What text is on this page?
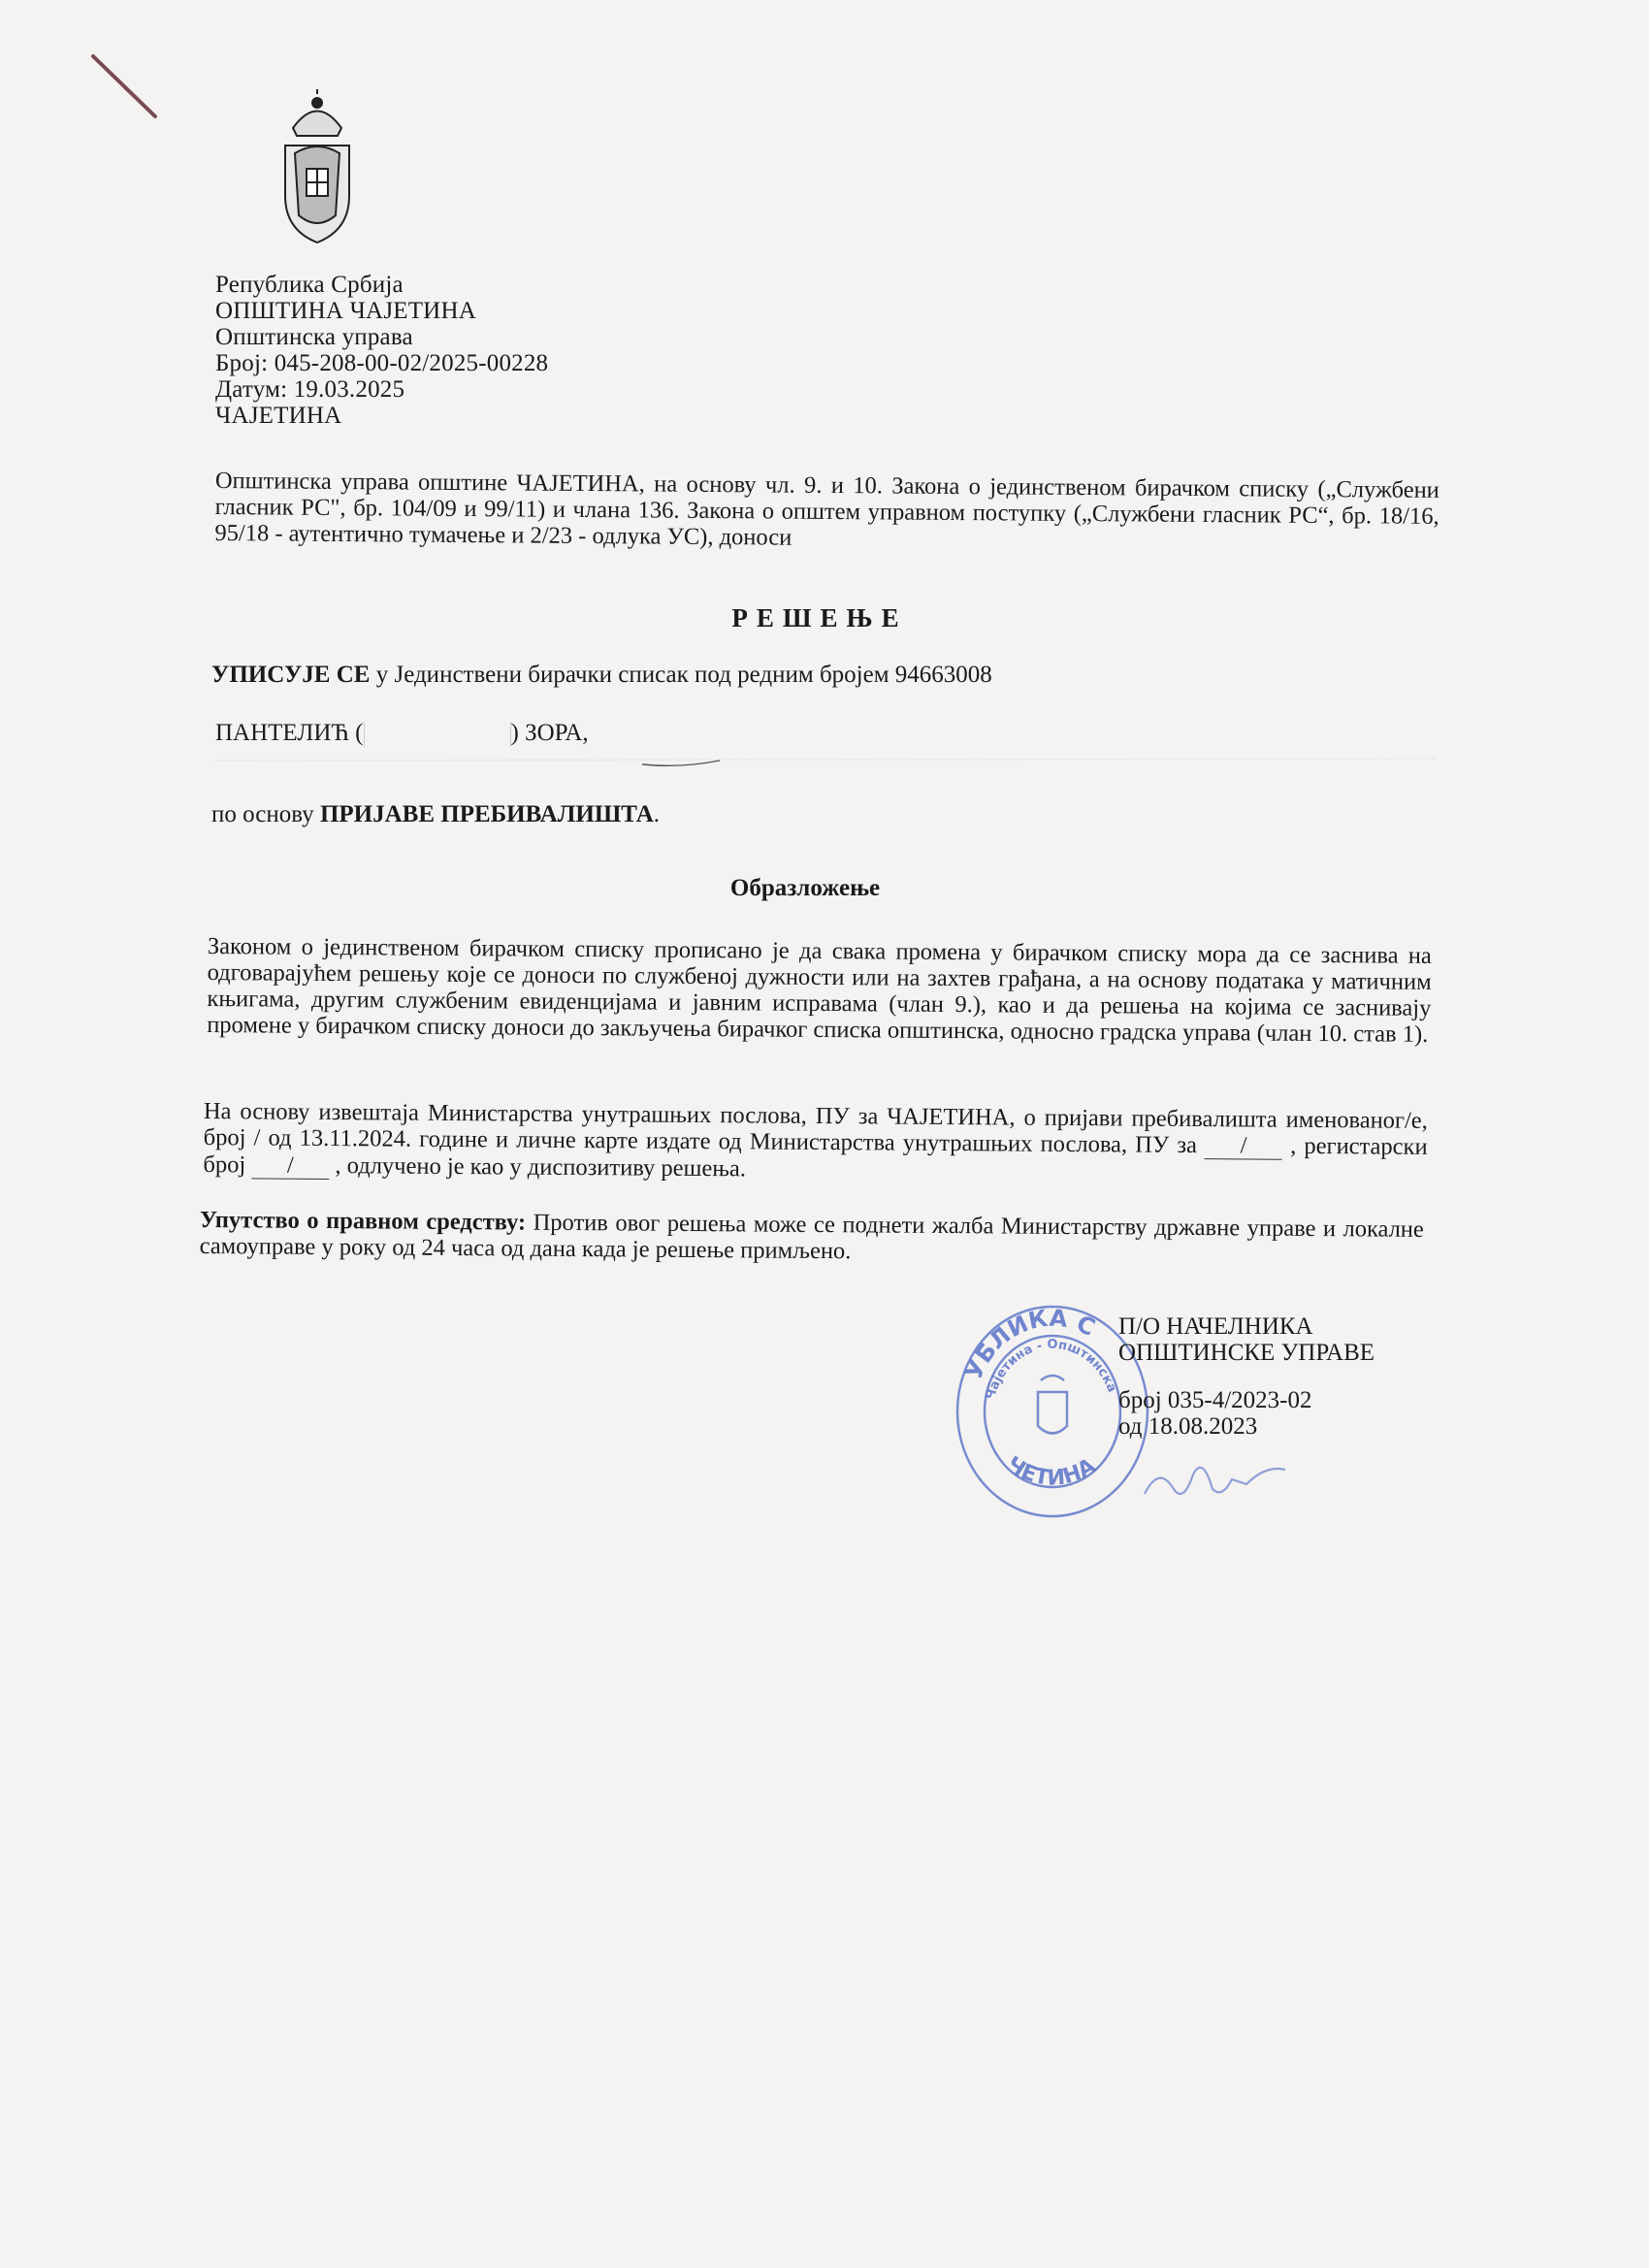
Република Србија
ОПШТИНА ЧАЈЕТИНА
Општинска управа
Број: 045-208-00-02/2025-00228
Датум: 19.03.2025
ЧАЈЕТИНА
Општинска управа општине ЧАЈЕТИНА, на основу чл. 9. и 10. Закона о јединственом бирачком списку („Службени гласник РС", бр. 104/09 и 99/11) и члана 136. Закона о општем управном поступку („Службени гласник РС“, бр. 18/16, 95/18 - аутентично тумачење и 2/23 - одлука УС), доноси
РЕШЕЊЕ
УПИСУЈЕ СЕ у Јединствени бирачки списак под редним бројем 94663008
ПАНТЕЛИЋ (	) ЗОРА,
по основу ПРИЈАВЕ ПРЕБИВАЛИШТА.
Образложење
Законом о јединственом бирачком списку прописано је да свака промена у бирачком списку мора да се заснива на одговарајућем решењу које се доноси по службеној дужности или на захтев грађана, а на основу података у матичним књигама, другим службеним евиденцијама и јавним исправама (члан 9.), као и да решења на којима се заснивају промене у бирачком списку доноси до закључења бирачког списка општинска, односно градска управа (члан 10. став 1).
На основу извештаја Министарства унутрашњих послова, ПУ за ЧАЈЕТИНА, о пријави пребивалишта именованог/е, број / од 13.11.2024. године и личне карте издате од Министарства унутрашњих послова, ПУ за / , регистарски број / , одлучено је као у диспозитиву решења.
Упутство о правном средству: Против овог решења може се поднети жалба Министарству државне управе и локалне самоуправе у року од 24 часа од дана када је решење примљено.
УБЛИКА С
Чајетина - Општинска
ЧЕТИНА
П/О НАЧЕЛНИКА
ОПШТИНСКЕ УПРАВЕ
број 035-4/2023-02
од 18.08.2023
